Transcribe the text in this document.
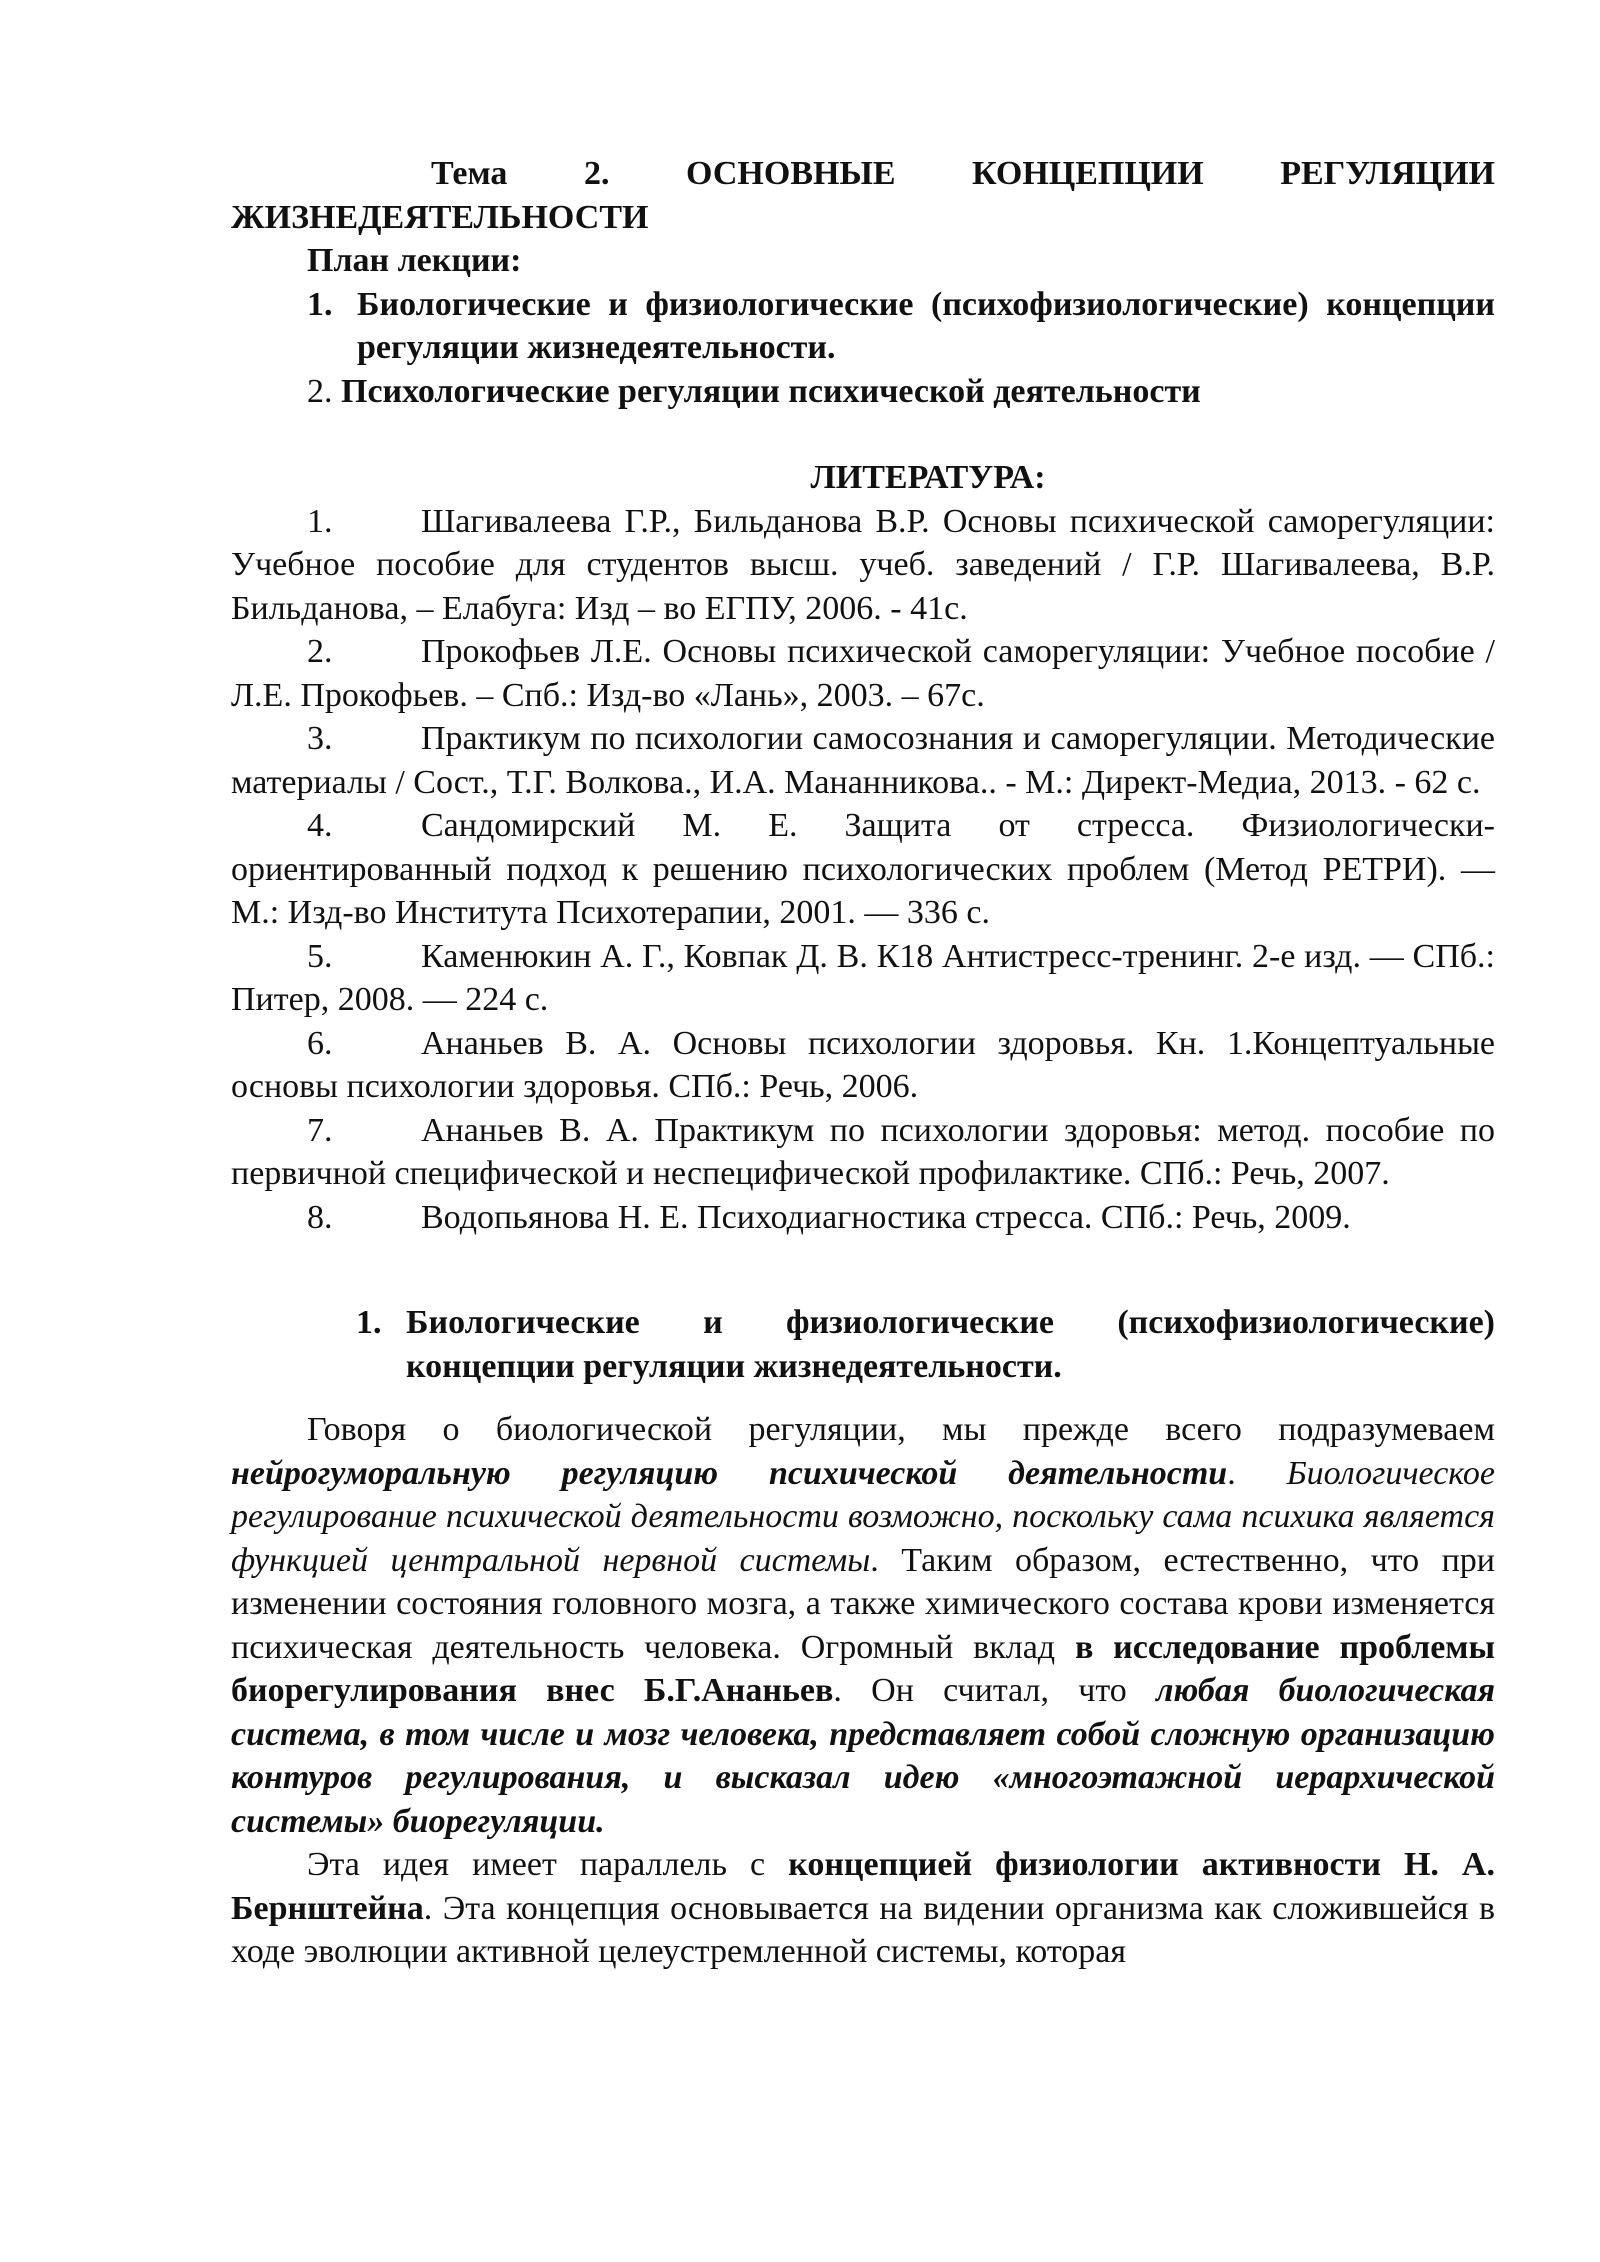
Тема 2. ОСНОВНЫЕ КОНЦЕПЦИИ РЕГУЛЯЦИИ ЖИЗНЕДЕЯТЕЛЬНОСТИ

План лекции:

1. Биологические и физиологические (психофизиологические) концепции регуляции жизнедеятельности.
2.
Психологические регуляции психической деятельности

ЛИТЕРАТУРА:

1.	Шагивалеева Г.Р., Бильданова В.Р. Основы психической саморегуляции: Учебное пособие для студентов высш. учеб. заведений / Г.Р. Шагивалеева, В.Р. Бильданова, – Елабуга: Изд – во ЕГПУ, 2006. - 41с.

2.	Прокофьев Л.Е. Основы психической саморегуляции: Учебное пособие /Л.Е. Прокофьев. – Спб.: Изд-во «Лань», 2003. – 67с.

3.	Практикум по психологии самосознания и саморегуляции. Методические материалы / Сост., Т.Г. Волкова., И.А. Мананникова.. - М.: Директ-Медиа, 2013. - 62 с.

4.	Сандомирский М. Е. Защита от стресса. Физиологически-ориентированный подход к решению психологических проблем (Метод РЕТРИ). — М.: Изд-во Института Психотерапии, 2001. — 336 с.

5.	Каменюкин А. Г., Ковпак Д. В. К18 Антистресс-тренинг. 2-е изд. — СПб.: Питер, 2008. — 224 с.

6.	Ананьев В. А. Основы психологии здоровья. Кн. 1.Концептуальные основы психологии здоровья. СПб.: Речь, 2006.

7.	Ананьев В. А. Практикум по психологии здоровья: метод. пособие по первичной специфической и неспецифической профилактике. СПб.: Речь, 2007.

8.	Водопьянова Н. Е. Психодиагностика стресса. СПб.: Речь, 2009.

1. Биологические и физиологические (психофизиологические) концепции регуляции жизнедеятельности.

Говоря о биологической регуляции, мы прежде всего подразумеваем нейрогуморальную регуляцию психической деятельности. Биологическое регулирование психической деятельности возможно, поскольку сама психика является функцией центральной нервной системы. Таким образом, естественно, что при изменении состояния головного мозга, а также химического состава крови изменяется психическая деятельность человека. Огромный вклад в исследование проблемы биорегулирования внес Б.Г.Ананьев. Он считал, что любая биологическая система, в том числе и мозг человека, представляет собой сложную организацию контуров регулирования, и высказал идею «многоэтажной иерархической системы» биорегуляции.

Эта идея имеет параллель с концепцией физиологии активности Н. А. Бернштейна. Эта концепция основывается на видении организма как сложившейся в ходе эволюции активной целеустремленной системы, которая
